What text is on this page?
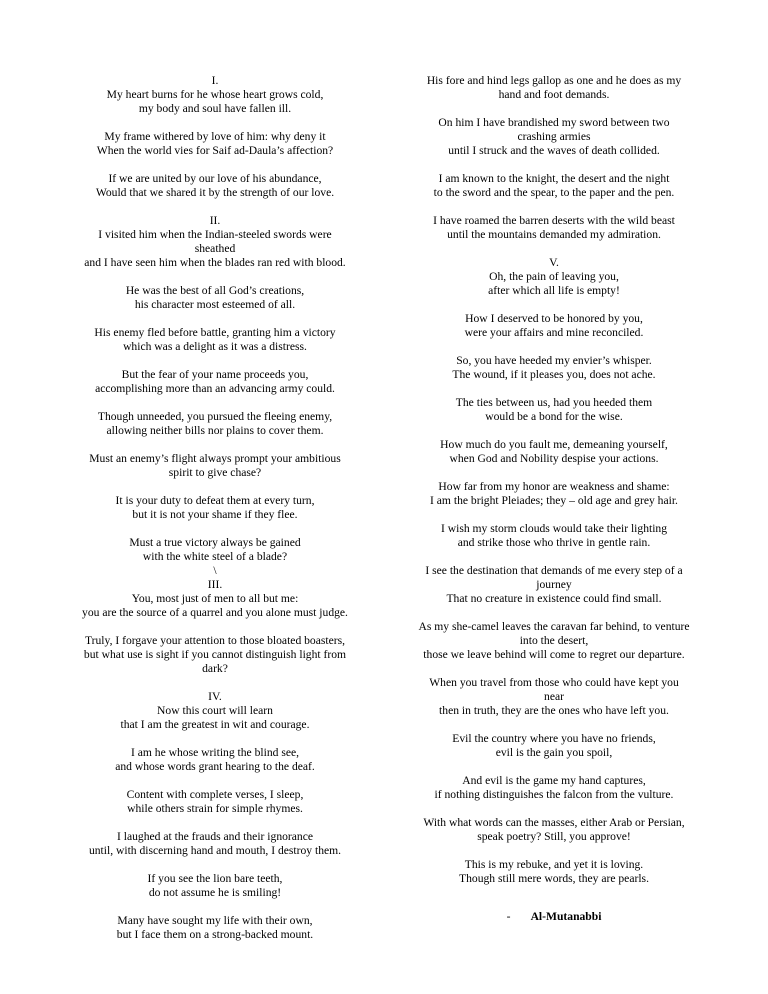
I.

My heart burns for he whose heart grows cold,

my body and soul have fallen ill.

My frame withered by love of him: why deny it

When the world vies for Saif ad-Daula’s affection?

If we are united by our love of his abundance,

Would that we shared it by the strength of our love.

II.

I visited him when the Indian-steeled swords were

sheathed

and I have seen him when the blades ran red with blood.

He was the best of all God’s creations,

his character most esteemed of all.

His enemy fled before battle, granting him a victory

which was a delight as it was a distress.

But the fear of your name proceeds you,

accomplishing more than an advancing army could.

Though unneeded, you pursued the fleeing enemy,

allowing neither bills nor plains to cover them.

Must an enemy’s flight always prompt your ambitious

spirit to give chase?

It is your duty to defeat them at every turn,

but it is not your shame if they flee.

Must a true victory always be gained

with the white steel of a blade?

\

III.

You, most just of men to all but me:

you are the source of a quarrel and you alone must judge.

Truly, I forgave your attention to those bloated boasters,

but what use is sight if you cannot distinguish light from

dark?

IV.

Now this court will learn

that I am the greatest in wit and courage.

I am he whose writing the blind see,

and whose words grant hearing to the deaf.

Content with complete verses, I sleep,

while others strain for simple rhymes.

I laughed at the frauds and their ignorance

until, with discerning hand and mouth, I destroy them.

If you see the lion bare teeth,

do not assume he is smiling!

Many have sought my life with their own,

but I face them on a strong-backed mount.

His fore and hind legs gallop as one and he does as my

hand and foot demands.

On him I have brandished my sword between two

crashing armies

until I struck and the waves of death collided.

I am known to the knight, the desert and the night

to the sword and the spear, to the paper and the pen.

I have roamed the barren deserts with the wild beast

until the mountains demanded my admiration.

V.

Oh, the pain of leaving you,

after which all life is empty!

How I deserved to be honored by you,

were your affairs and mine reconciled.

So, you have heeded my envier’s whisper.

The wound, if it pleases you, does not ache.

The ties between us, had you heeded them

would be a bond for the wise.

How much do you fault me, demeaning yourself,

when God and Nobility despise your actions.

How far from my honor are weakness and shame:

I am the bright Pleiades; they – old age and grey hair.

I wish my storm clouds would take their lighting

and strike those who thrive in gentle rain.

I see the destination that demands of me every step of a

journey

That no creature in existence could find small.

As my she-camel leaves the caravan far behind, to venture

into the desert,

those we leave behind will come to regret our departure.

When you travel from those who could have kept you

near

then in truth, they are the ones who have left you.

Evil the country where you have no friends,

evil is the gain you spoil,

And evil is the game my hand captures,

if nothing distinguishes the falcon from the vulture.

With what words can the masses, either Arab or Persian,

speak poetry? Still, you approve!

This is my rebuke, and yet it is loving.

Though still mere words, they are pearls.

- Al-Mutanabbi
